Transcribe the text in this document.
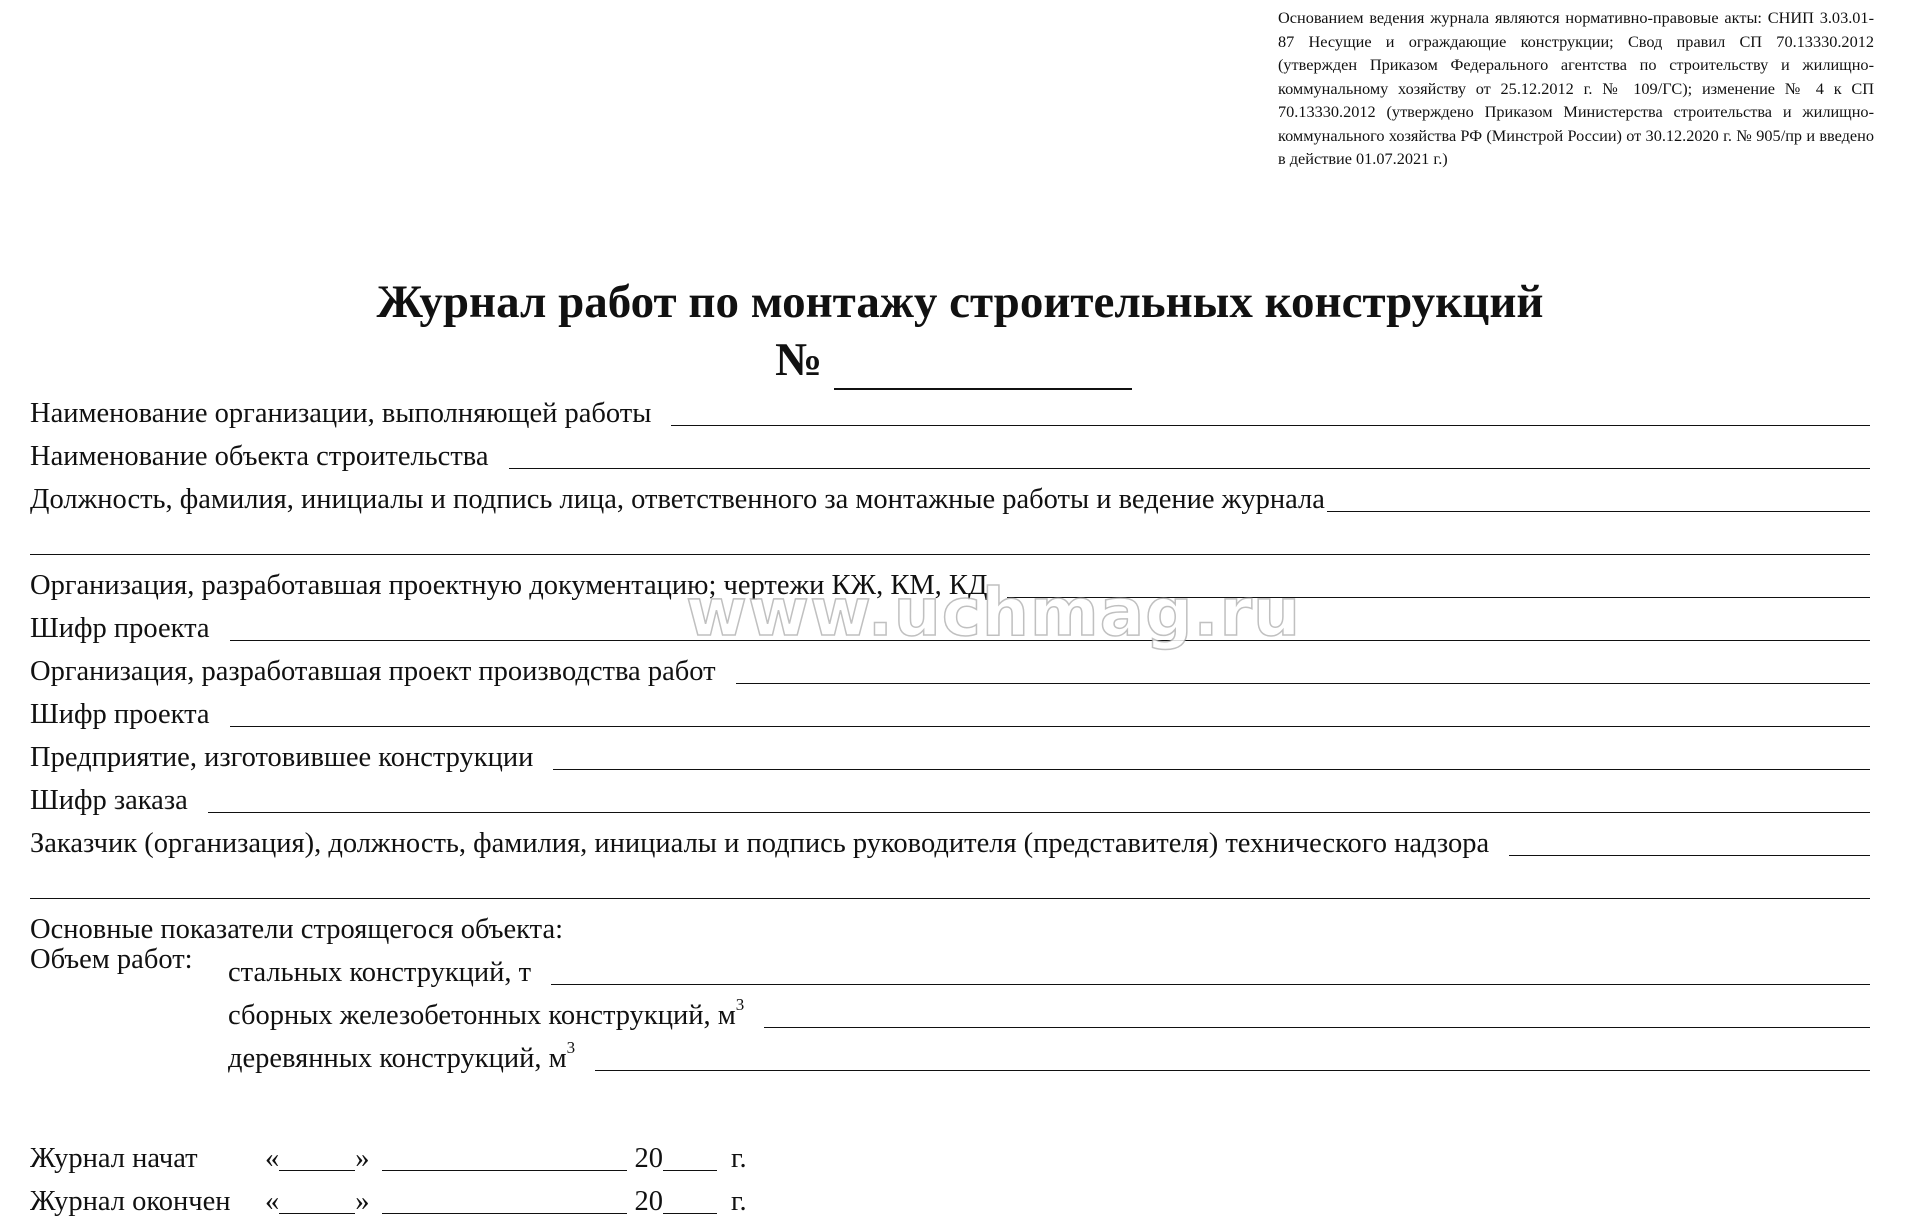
Основанием ведения журнала являются нормативно-правовые акты: СНИП 3.03.01-87 Несущие и ограждающие конструкции; Свод правил СП 70.13330.2012 (утвержден Приказом Федерального агентства по строительству и жилищно-коммунальному хозяйству от 25.12.2012 г. № 109/ГС); изменение № 4 к СП 70.13330.2012 (утверждено Приказом Министерства строительства и жилищно-коммунального хозяйства РФ (Минстрой России) от 30.12.2020 г. № 905/пр и введено в действие 01.07.2021 г.)
Журнал работ по монтажу строительных конструкций
№
Наименование организации, выполняющей работы
Наименование объекта строительства
Должность, фамилия, инициалы и подпись лица, ответственного за монтажные работы и ведение журнала
Организация, разработавшая проектную документацию; чертежи КЖ, КМ, КД
Шифр проекта
Организация, разработавшая проект производства работ
Шифр проекта
Предприятие, изготовившее конструкции
Шифр заказа
Заказчик (организация), должность, фамилия, инициалы и подпись руководителя (представителя) технического надзора
Основные показатели строящегося объекта:
Объем работ: стальных конструкций, т
сборных железобетонных конструкций, $м^3$
деревянных конструкций, $м^3$
Журнал начат	«	»	20 г.
Журнал окончен	«	»	20 г.
www.uchmag.ru
